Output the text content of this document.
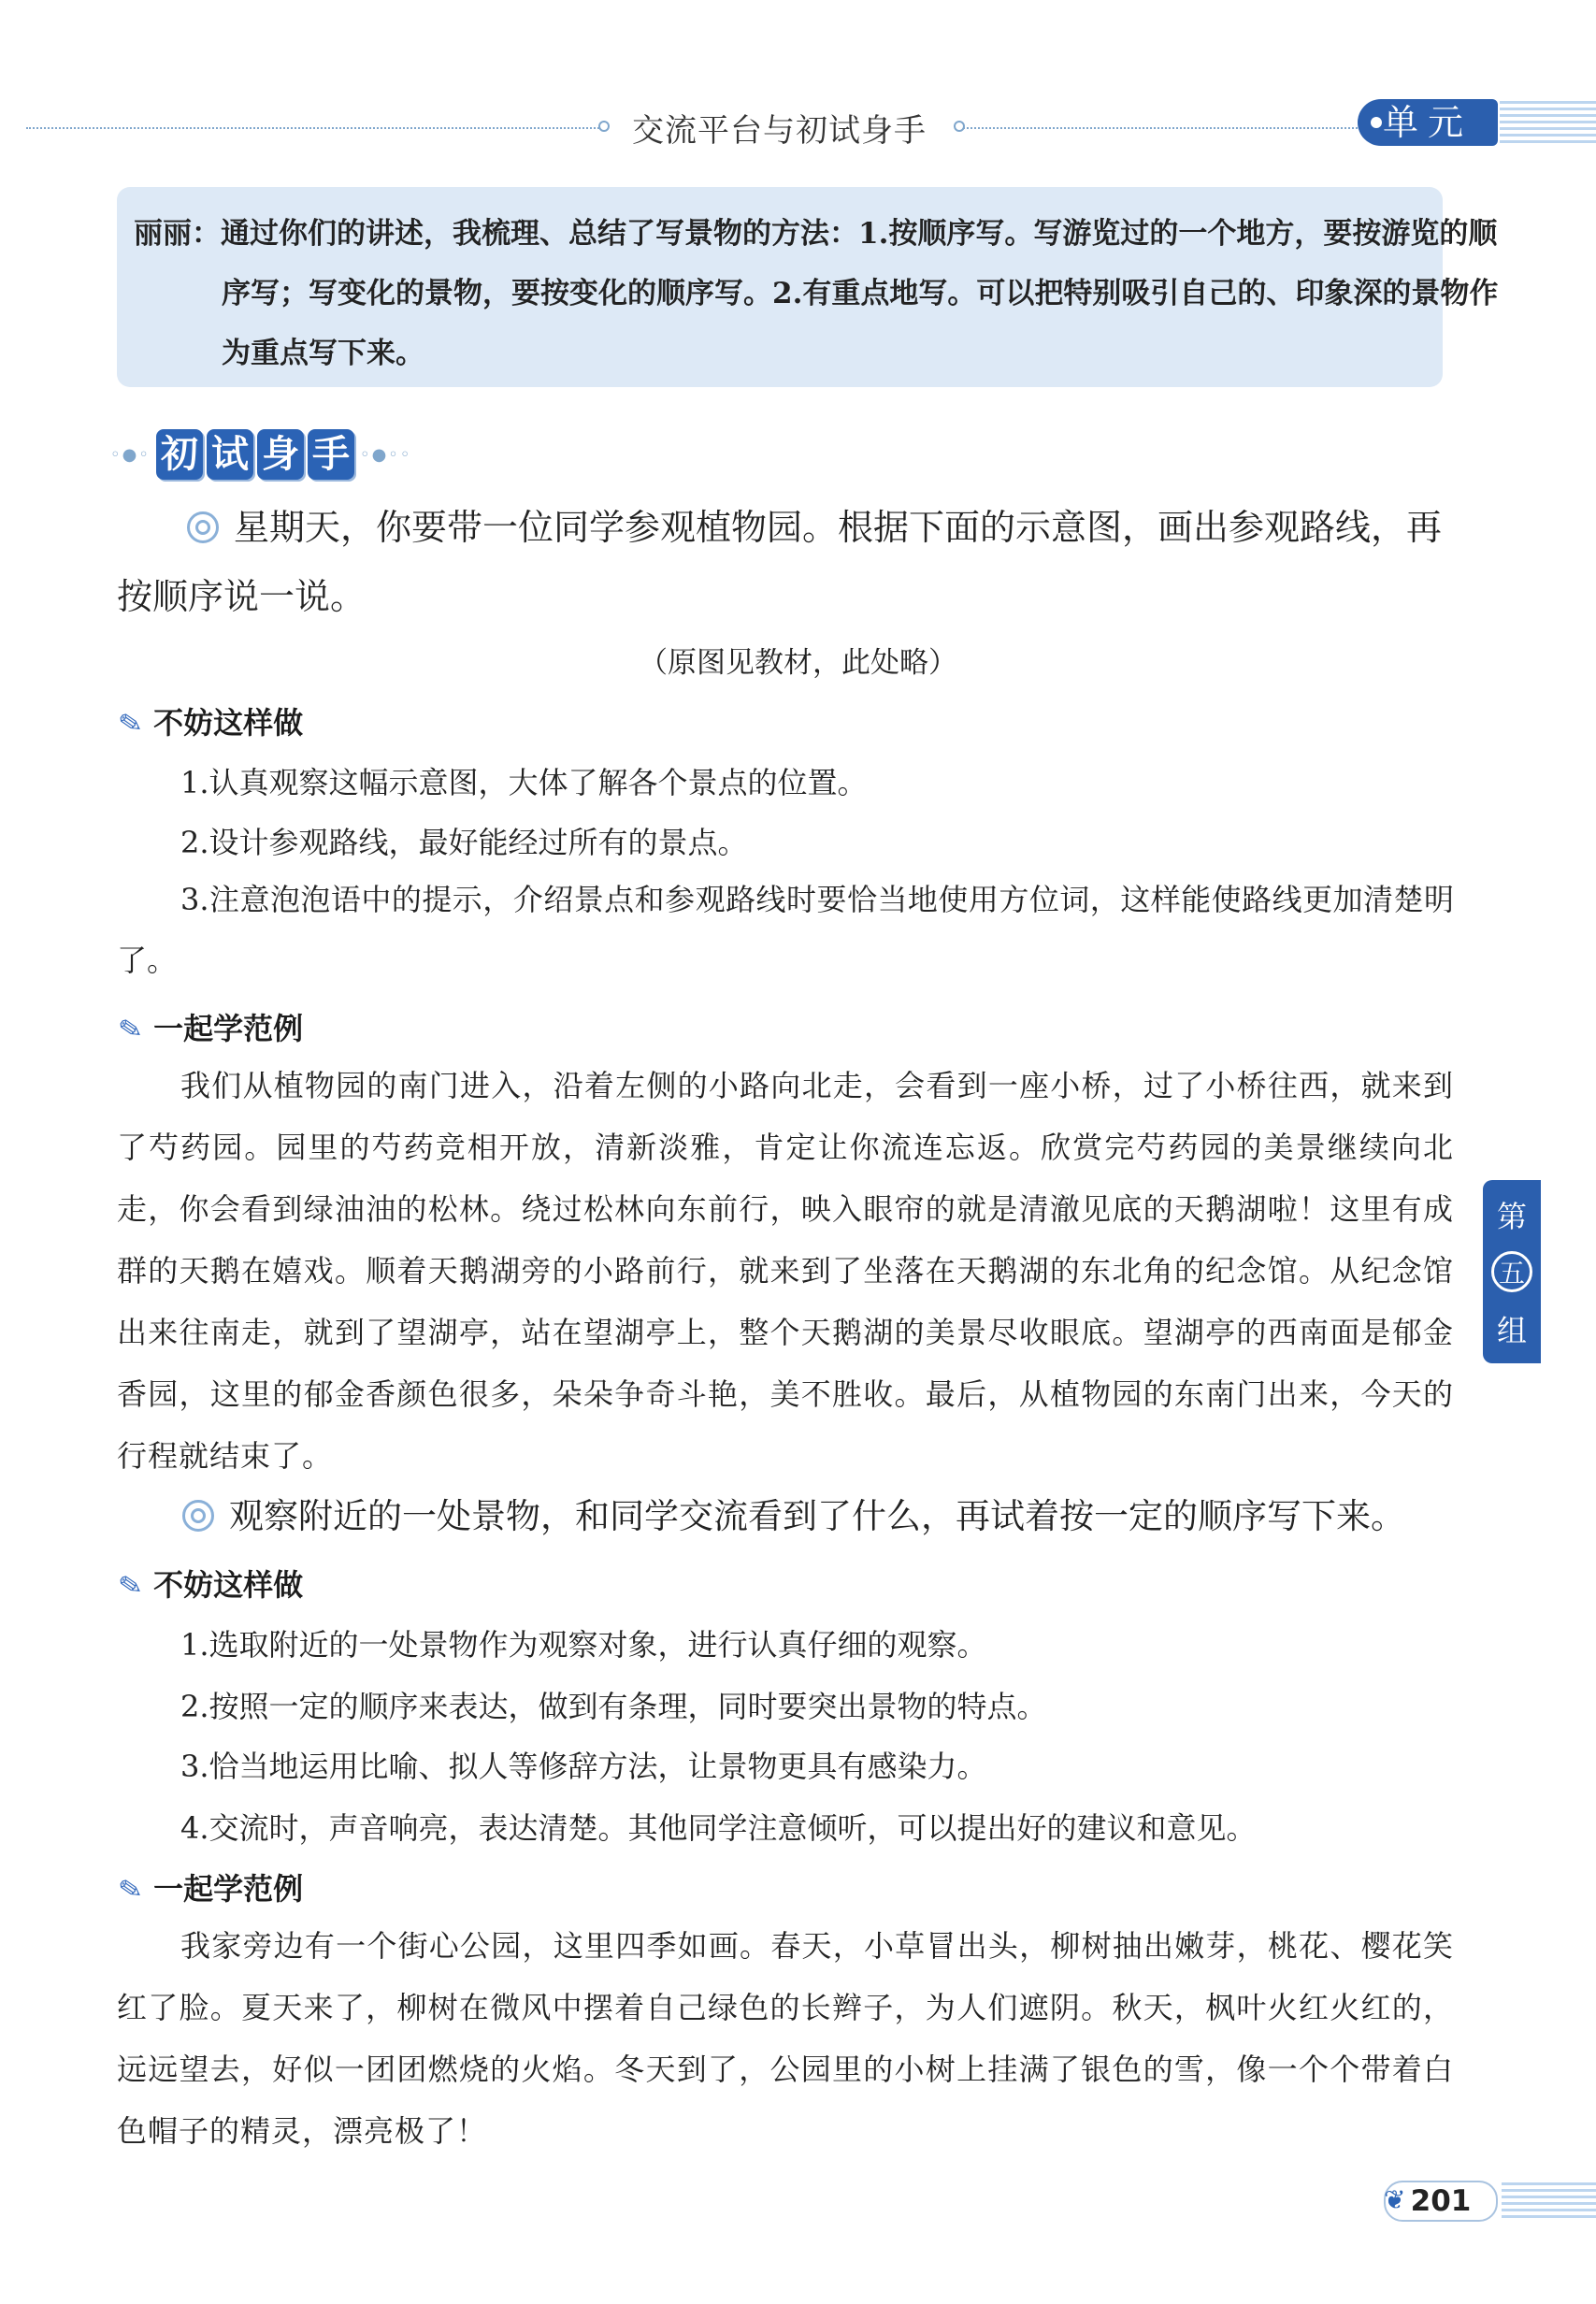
交流平台与初试身手	单元

丽丽：通过你们的讲述，我梳理、总结了写景物的方法：1.按顺序写。写游览过的一个地方，要按游览的顺序写；写变化的景物，要按变化的顺序写。2.有重点地写。可以把特别吸引自己的、印象深的景物作为重点写下来。

◦●◦ 初 试 身 手 ◦●◦◦
星期天，你要带一位同学参观植物园。根据下面的示意图，画出参观路线，再按顺序说一说。
（原图见教材，此处略）
✎ 不妨这样做
1.认真观察这幅示意图，大体了解各个景点的位置。
2.设计参观路线，最好能经过所有的景点。
3.注意泡泡语中的提示，介绍景点和参观路线时要恰当地使用方位词，这样能使路线更加清楚明了。
✎ 一起学范例
我们从植物园的南门进入，沿着左侧的小路向北走，会看到一座小桥，过了小桥往西，就来到了芍药园。园里的芍药竞相开放，清新淡雅，肯定让你流连忘返。欣赏完芍药园的美景继续向北走，你会看到绿油油的松林。绕过松林向东前行，映入眼帘的就是清澈见底的天鹅湖啦！这里有成群的天鹅在嬉戏。顺着天鹅湖旁的小路前行，就来到了坐落在天鹅湖的东北角的纪念馆。从纪念馆出来往南走，就到了望湖亭，站在望湖亭上，整个天鹅湖的美景尽收眼底。望湖亭的西南面是郁金香园，这里的郁金香颜色很多，朵朵争奇斗艳，美不胜收。最后，从植物园的东南门出来，今天的行程就结束了。
观察附近的一处景物，和同学交流看到了什么，再试着按一定的顺序写下来。
✎ 不妨这样做
1.选取附近的一处景物作为观察对象，进行认真仔细的观察。
2.按照一定的顺序来表达，做到有条理，同时要突出景物的特点。
3.恰当地运用比喻、拟人等修辞方法，让景物更具有感染力。
4.交流时，声音响亮，表达清楚。其他同学注意倾听，可以提出好的建议和意见。
✎ 一起学范例
我家旁边有一个街心公园，这里四季如画。春天，小草冒出头，柳树抽出嫩芽，桃花、樱花笑红了脸。夏天来了，柳树在微风中摆着自己绿色的长辫子，为人们遮阴。秋天，枫叶火红火红的，远远望去，好似一团团燃烧的火焰。冬天到了，公园里的小树上挂满了银色的雪，像一个个带着白色帽子的精灵，漂亮极了！
第
五
组
201
❦
